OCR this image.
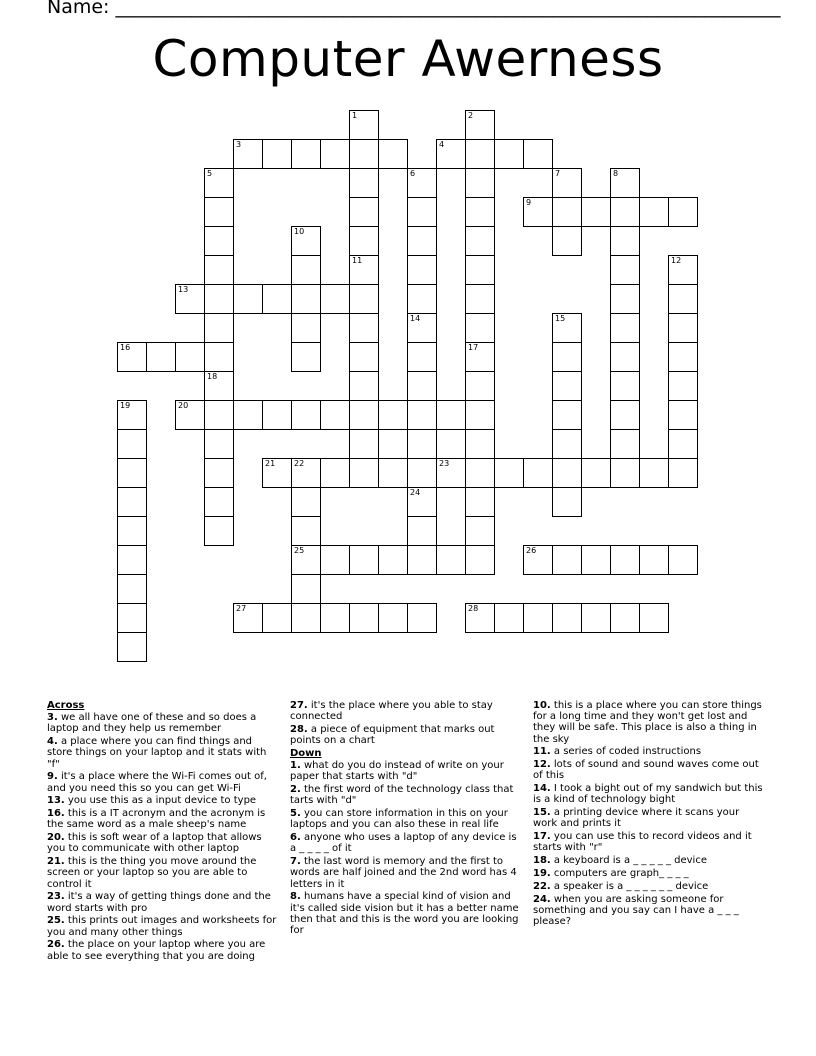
Name: ______________________________________________________________________
Computer Awerness
1
11
2
3	4
5
18
6
14
7	8
9
10
12
13
24
15
16	17
19	20
21 22
25
23
26
27	28
Across
3. we all have one of these and so does a laptop and they help us remember
4. a place where you can find things and store things on your laptop and it stats with "f"
9. it's a place where the Wi-Fi comes out of, and you need this so you can get Wi-Fi
13. you use this as a input device to type
16. this is a IT acronym and the acronym is the same word as a male sheep's name
20. this is soft wear of a laptop that allows you to communicate with other laptop
21. this is the thing you move around the screen or your laptop so you are able to control it
23. it's a way of getting things done and the word starts with pro
25. this prints out images and worksheets for you and many other things
26. the place on your laptop where you are able to see everything that you are doing
27. it's the place where you able to stay connected
28. a piece of equipment that marks out points on a chart
Down
1. what do you do instead of write on your paper that starts with "d"
2. the first word of the technology class that tarts with "d"
5. you can store information in this on your laptops and you can also these in real life
6. anyone who uses a laptop of any device is a _ _ _ _ of it
7. the last word is memory and the first to words are half joined and the 2nd word has 4 letters in it
8. humans have a special kind of vision and it's called side vision but it has a better name then that and this is the word you are looking for
10. this is a place where you can store things for a long time and they won't get lost and they will be safe. This place is also a thing in the sky
11. a series of coded instructions
12. lots of sound and sound waves come out of this
14. I took a bight out of my sandwich but this is a kind of technology bight
15. a printing device where it scans your work and prints it
17. you can use this to record videos and it starts with "r"
18. a keyboard is a _ _ _ _ _ device
19. computers are graph_ _ _ _
22. a speaker is a _ _ _ _ _ _ device
24. when you are asking someone for something and you say can I have a _ _ _ please?
